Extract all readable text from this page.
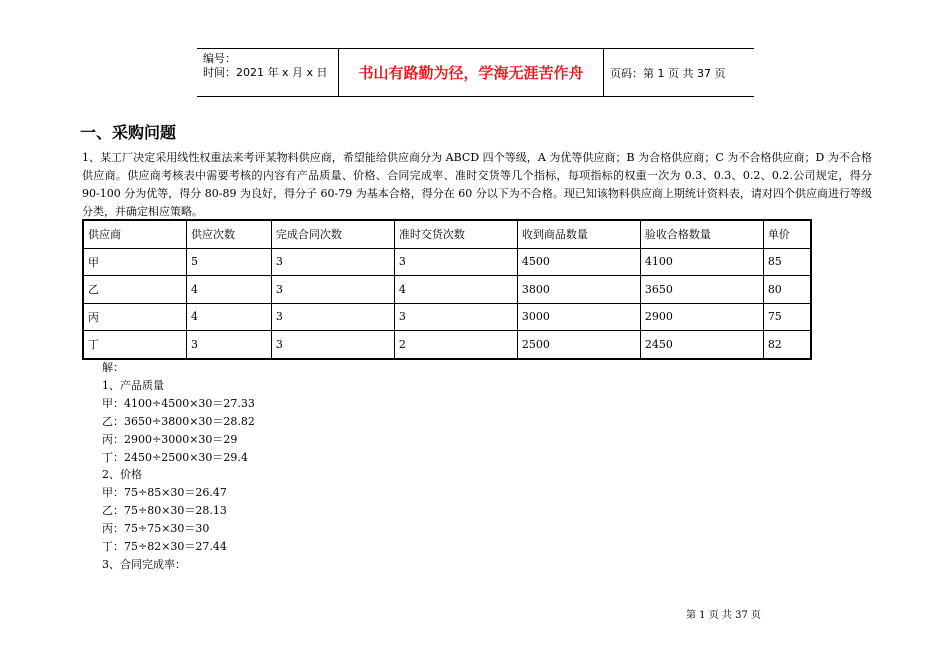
编号：
时间：2021 年 x 月 x 日	书山有路勤为径，学海无涯苦作舟 页码：第 1 页 共 37 页
一、采购问题
1、某工厂决定采用线性权重法来考评某物料供应商，希望能给供应商分为 ABCD 四个等级，A 为优等供应商；B 为合格供应商；C 为不合格供应商；D 为不合格供应商。供应商考核表中需要考核的内容有产品质量、价格、合同完成率、准时交货等几个指标，每项指标的权重一次为 0.3、0.3、0.2、0.2.公司规定，得分 90-100 分为优等，得分 80-89 为良好，得分子 60-79 为基本合格，得分在 60 分以下为不合格。现已知该物料供应商上期统计资料表，请对四个供应商进行等级分类，并确定相应策略。
供应商	供应次数	完成合同次数	准时交货次数	收到商品数量	验收合格数量	单价
甲	5	3	3	4500	4100	85
乙	4	3	4	3800	3650	80
丙	4	3	3	3000	2900	75
丁	3	3	2	2500	2450	82
解：
1、产品质量
甲：4100÷4500×30＝27.33
乙：3650÷3800×30＝28.82
丙：2900÷3000×30＝29
丁：2450÷2500×30＝29.4
2、价格
甲：75÷85×30＝26.47
乙：75÷80×30＝28.13
丙：75÷75×30＝30
丁：75÷82×30＝27.44
3、合同完成率：
第 1 页 共 37 页
